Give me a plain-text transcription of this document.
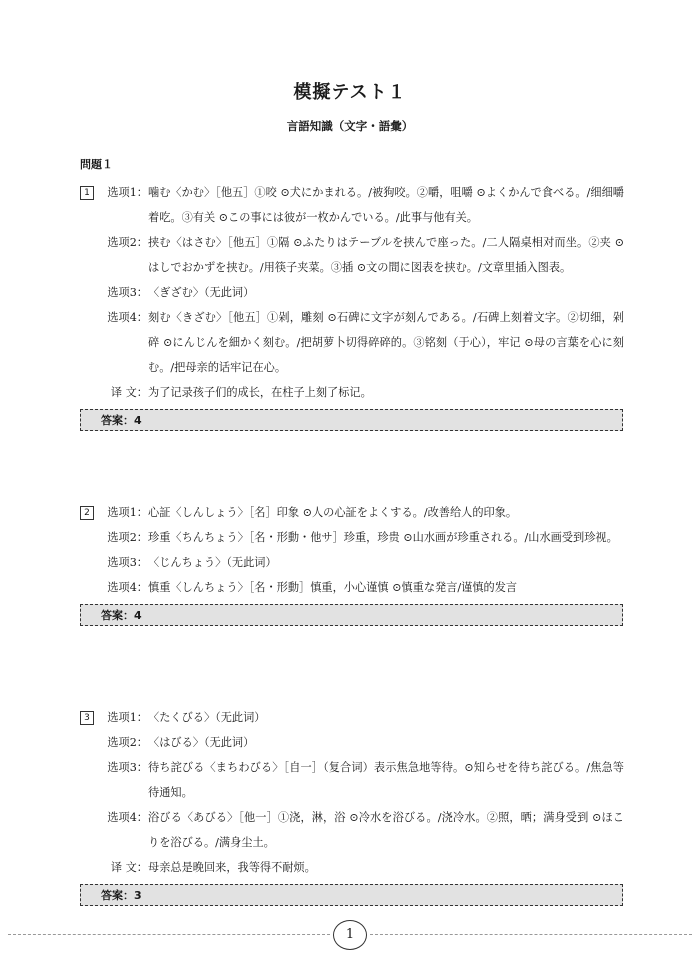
模擬テスト１
言語知識（文字・語彙）
問題１
1	选项1： 噛む〈かむ〉［他五］①咬 ⊙犬にかまれる。/被狗咬。②嚼，咀嚼 ⊙よくかんで食べる。/细细嚼着吃。③有关 ⊙この事には彼が一枚かんでいる。/此事与他有关。
选项2： 挟む〈はさむ〉［他五］①隔 ⊙ふたりはテーブルを挟んで座った。/二人隔桌相对而坐。②夹 ⊙はしでおかずを挟む。/用筷子夹菜。③插 ⊙文の間に図表を挟む。/文章里插入图表。
选项3： 〈ぎざむ〉（无此词）
选项4： 刻む〈きざむ〉［他五］①剁，雕刻 ⊙石碑に文字が刻んである。/石碑上刻着文字。②切细，剁碎 ⊙にんじんを細かく刻む。/把胡萝卜切得碎碎的。③铭刻（于心），牢记 ⊙母の言葉を心に刻む。/把母亲的话牢记在心。
译 文： 为了记录孩子们的成长，在柱子上刻了标记。
答案：4
2	选项1： 心証〈しんしょう〉［名］印象 ⊙人の心証をよくする。/改善给人的印象。
选项2： 珍重〈ちんちょう〉［名・形動・他サ］珍重，珍贵 ⊙山水画が珍重される。/山水画受到珍视。
选项3： 〈じんちょう〉（无此词）
选项4： 慎重〈しんちょう〉［名・形動］慎重，小心谨慎 ⊙慎重な発言/谨慎的发言
答案：4
3	选项1： 〈たくびる〉（无此词）
选项2： 〈はびる〉（无此词）
选项3： 待ち詫びる〈まちわびる〉［自一］（复合词）表示焦急地等待。⊙知らせを待ち詫びる。/焦急等待通知。
选项4： 浴びる〈あびる〉［他一］①浇，淋，浴 ⊙冷水を浴びる。/浇冷水。②照，晒；满身受到 ⊙ほこりを浴びる。/满身尘土。
译 文： 母亲总是晚回来，我等得不耐烦。
答案：3
1
